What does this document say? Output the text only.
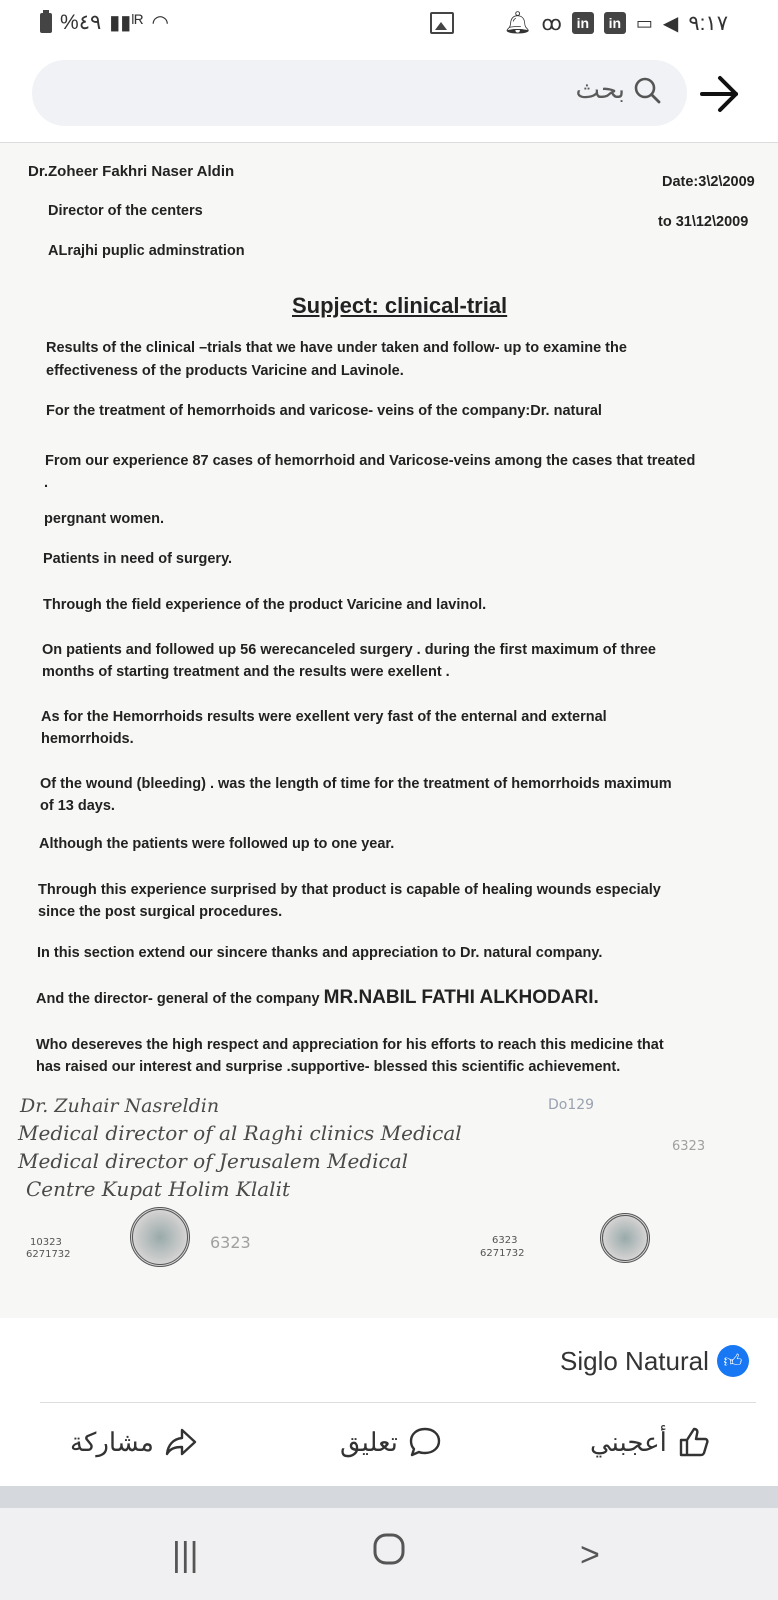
%٤٩ ▮▮ˡᴿ ◠	🔔︎ ꝏ	in	in ▭ ◀ ٩:١٧
بحث
Dr.Zoheer Fakhri Naser Aldin
Director of the centers
ALrajhi puplic adminstration
Date:3\2\2009
to 31\12\2009
Supject: clinical-trial
Results of the clinical –trials that we have under taken and follow- up to examine the
effectiveness of the products Varicine and Lavinole.
For the treatment of hemorrhoids and varicose- veins of the company:Dr. natural
From our experience 87 cases of hemorrhoid and Varicose-veins among the cases that treated
.
pergnant women.
Patients in need of surgery.
Through the field experience of the product Varicine and lavinol.
On patients and followed up 56 werecanceled surgery . during the first maximum of three
months of starting treatment and the results were exellent .
As for the Hemorrhoids results were exellent very fast of the enternal and external
hemorrhoids.
Of the wound (bleeding) . was the length of time for the treatment of hemorrhoids maximum
of 13 days.
Although the patients were followed up to one year.
Through this experience surprised by that product is capable of healing wounds especialy
since the post surgical procedures.
In this section extend our sincere thanks and appreciation to Dr. natural company.
And the director- general of the company MR.NABIL FATHI ALKHODARI.
Who desereves the high respect and appreciation for his efforts to reach this medicine that
has raised our interest and surprise .supportive- blessed this scientific achievement.
Dr. Zuhair Nasreldin
Medical director of al Raghi clinics Medical
Medical director of Jerusalem Medical
Centre Kupat Holim Klalit
Do129
6323
6323
10323
6271732
6323
6271732
Siglo Natural 👍︎
أعجبني
تعليق
مشاركة
|||	>
